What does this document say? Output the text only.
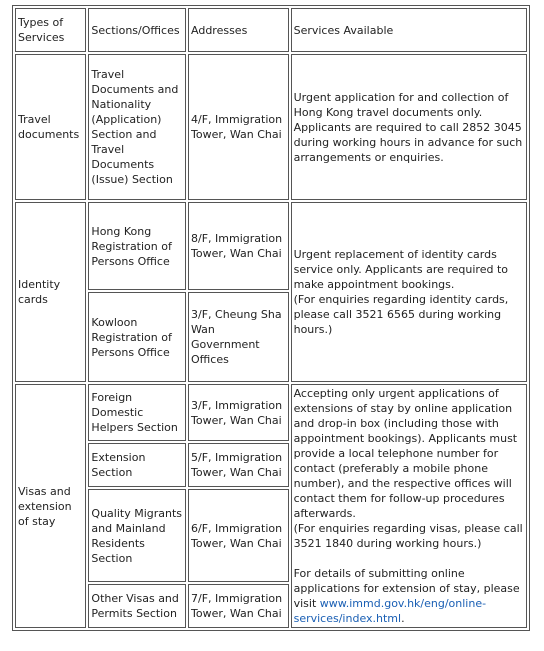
Types of Services	Sections/Offices	Addresses	Services Available
Travel documents	Travel Documents and Nationality (Application) Section and Travel Documents (Issue) Section	4/F, Immigration Tower, Wan Chai	Urgent application for and collection of Hong Kong travel documents only. Applicants are required to call 2852 3045 during working hours in advance for such arrangements or enquiries.
Identity cards	Hong Kong Registration of Persons Office	8/F, Immigration Tower, Wan Chai	Urgent replacement of identity cards service only. Applicants are required to make appointment bookings.
(For enquiries regarding identity cards, please call 3521 6565 during working hours.)

	Kowloon Registration of Persons Office	3/F, Cheung Sha Wan Government Offices	
Visas and extension of stay	Foreign Domestic Helpers Section	3/F, Immigration Tower, Wan Chai	Accepting only urgent applications of extensions of stay by online application and drop-in box (including those with appointment bookings). Applicants must provide a local telephone number for contact (preferably a mobile phone number), and the respective offices will contact them for follow-up procedures afterwards.
(For enquiries regarding visas, please call 3521 1840 during working hours.)
For details of submitting online applications for extension of stay, please visit www.immd.gov.hk/eng/online-services/index.html.

	Extension Section	5/F, Immigration Tower, Wan Chai	
	Quality Migrants and Mainland Residents Section	6/F, Immigration Tower, Wan Chai	
	Other Visas and Permits Section	7/F, Immigration Tower, Wan Chai	
